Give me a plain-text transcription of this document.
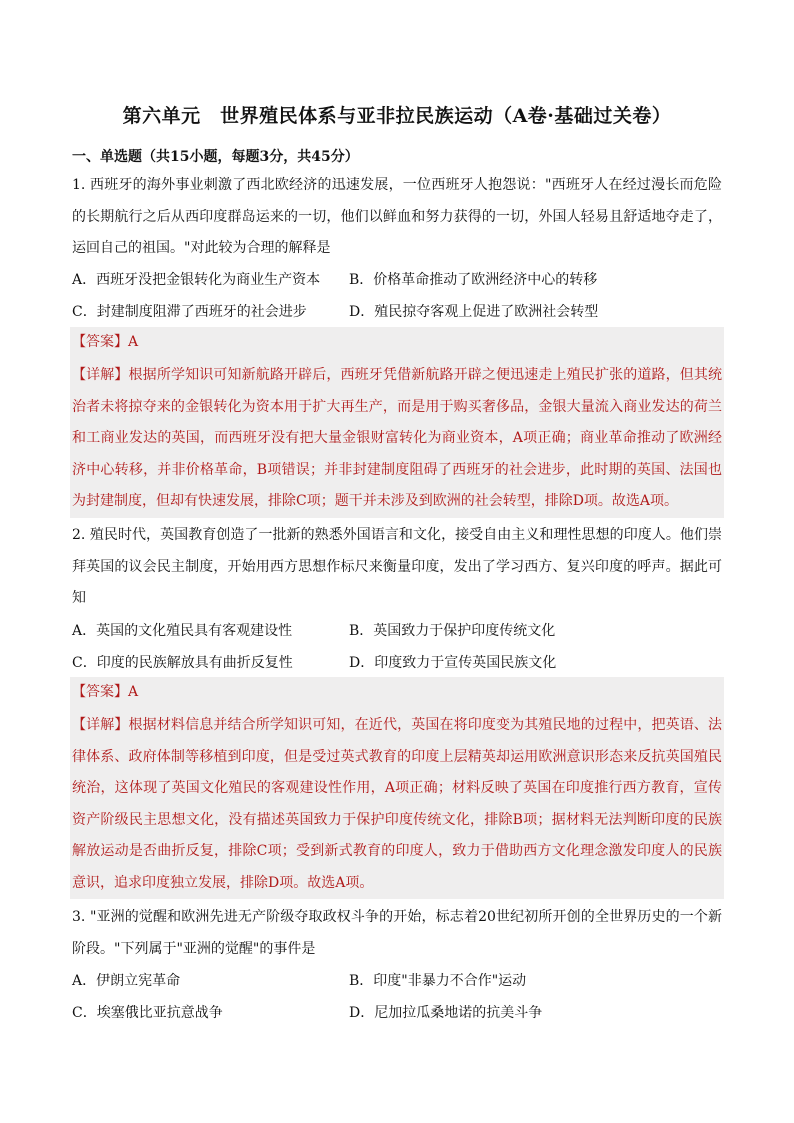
第六单元　世界殖民体系与亚非拉民族运动（A卷·基础过关卷）
一、单选题（共15小题，每题3分，共45分）

1. 西班牙的海外事业刺激了西北欧经济的迅速发展，一位西班牙人抱怨说："西班牙人在经过漫长而危险的长期航行之后从西印度群岛运来的一切，他们以鲜血和努力获得的一切，外国人轻易且舒适地夺走了，运回自己的祖国。"对此较为合理的解释是

A．西班牙没把金银转化为商业生产资本 B．价格革命推动了欧洲经济中心的转移
C．封建制度阻滞了西班牙的社会进步	D．殖民掠夺客观上促进了欧洲社会转型
【答案】A

【详解】根据所学知识可知新航路开辟后，西班牙凭借新航路开辟之便迅速走上殖民扩张的道路，但其统治者未将掠夺来的金银转化为资本用于扩大再生产，而是用于购买奢侈品，金银大量流入商业发达的荷兰和工商业发达的英国，而西班牙没有把大量金银财富转化为商业资本，A项正确；商业革命推动了欧洲经济中心转移，并非价格革命，B项错误；并非封建制度阻碍了西班牙的社会进步，此时期的英国、法国也为封建制度，但却有快速发展，排除C项；题干并未涉及到欧洲的社会转型，排除D项。故选A项。

2. 殖民时代，英国教育创造了一批新的熟悉外国语言和文化，接受自由主义和理性思想的印度人。他们崇拜英国的议会民主制度，开始用西方思想作标尺来衡量印度，发出了学习西方、复兴印度的呼声。据此可知

A．英国的文化殖民具有客观建设性	B．英国致力于保护印度传统文化
C．印度的民族解放具有曲折反复性	D．印度致力于宣传英国民族文化
【答案】A

【详解】根据材料信息并结合所学知识可知，在近代，英国在将印度变为其殖民地的过程中，把英语、法律体系、政府体制等移植到印度，但是受过英式教育的印度上层精英却运用欧洲意识形态来反抗英国殖民统治，这体现了英国文化殖民的客观建设性作用，A项正确；材料反映了英国在印度推行西方教育，宣传资产阶级民主思想文化，没有描述英国致力于保护印度传统文化，排除B项；据材料无法判断印度的民族解放运动是否曲折反复，排除C项；受到新式教育的印度人，致力于借助西方文化理念激发印度人的民族意识，追求印度独立发展，排除D项。故选A项。

3. "亚洲的觉醒和欧洲先进无产阶级夺取政权斗争的开始，标志着20世纪初所开创的全世界历史的一个新阶段。"下列属于"亚洲的觉醒"的事件是

A．伊朗立宪革命	B．印度"非暴力不合作"运动
C．埃塞俄比亚抗意战争	D．尼加拉瓜桑地诺的抗美斗争
